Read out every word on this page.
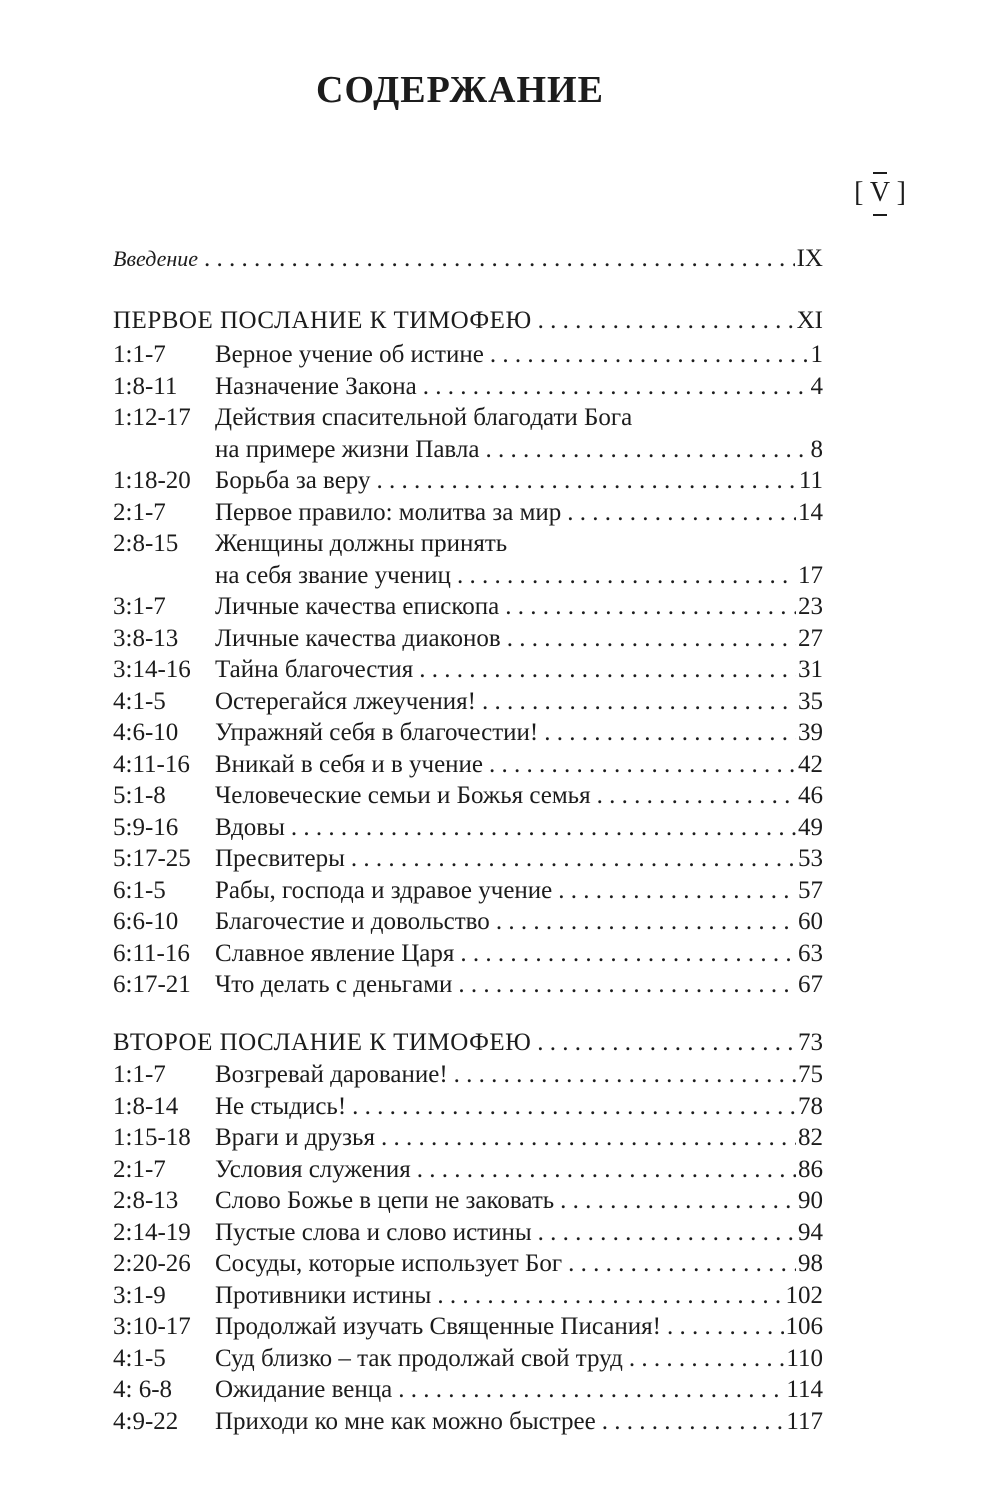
СОДЕРЖАНИЕ
[ V ]
Введение . . .	IX
ПЕРВОЕ ПОСЛАНИЕ К ТИМОФЕЮ . . .	XI
1:1-7	Верное учение об истине . . .	1
1:8-11	Назначение Закона . . .	4
1:12-17 Действия спасительной благодати Бога
на примере жизни Павла . . .	8
1:18-20 Борьба за веру . . .	11
2:1-7	Первое правило: молитва за мир . . .	14
2:8-15	Женщины должны принять
на себя звание учениц . . .	17
3:1-7	Личные качества епископа . . .	23
3:8-13	Личные качества диаконов . . .	27
3:14-16 Тайна благочестия . . .	31
4:1-5	Остерегайся лжеучения! . . .	35
4:6-10	Упражняй себя в благочестии! . . .	39
4:11-16	Вникай в себя и в учение . . .	42
5:1-8	Человеческие семьи и Божья семья . . .	46
5:9-16	Вдовы . . .	49
5:17-25 Пресвитеры . . .	53
6:1-5	Рабы, господа и здравое учение . . .	57
6:6-10	Благочестие и довольство . . .	60
6:11-16	Славное явление Царя . . .	63
6:17-21 Что делать с деньгами . . .	67
ВТОРОЕ ПОСЛАНИЕ К ТИМОФЕЮ . . .	73
1:1-7	Возгревай дарование! . . .	75
1:8-14	Не стыдись! . . .	78
1:15-18 Враги и друзья . . .	82
2:1-7	Условия служения . . .	86
2:8-13	Слово Божье в цепи не заковать . . .	90
2:14-19 Пустые слова и слово истины . . .	94
2:20-26 Сосуды, которые использует Бог . . .	98
3:1-9	Противники истины . . .	102
3:10-17 Продолжай изучать Священные Писания! . . .	106
4:1-5	Суд близко – так продолжай свой труд . . .	110
4: 6-8	Ожидание венца . . .	114
4:9-22	Приходи ко мне как можно быстрее . . .	117
